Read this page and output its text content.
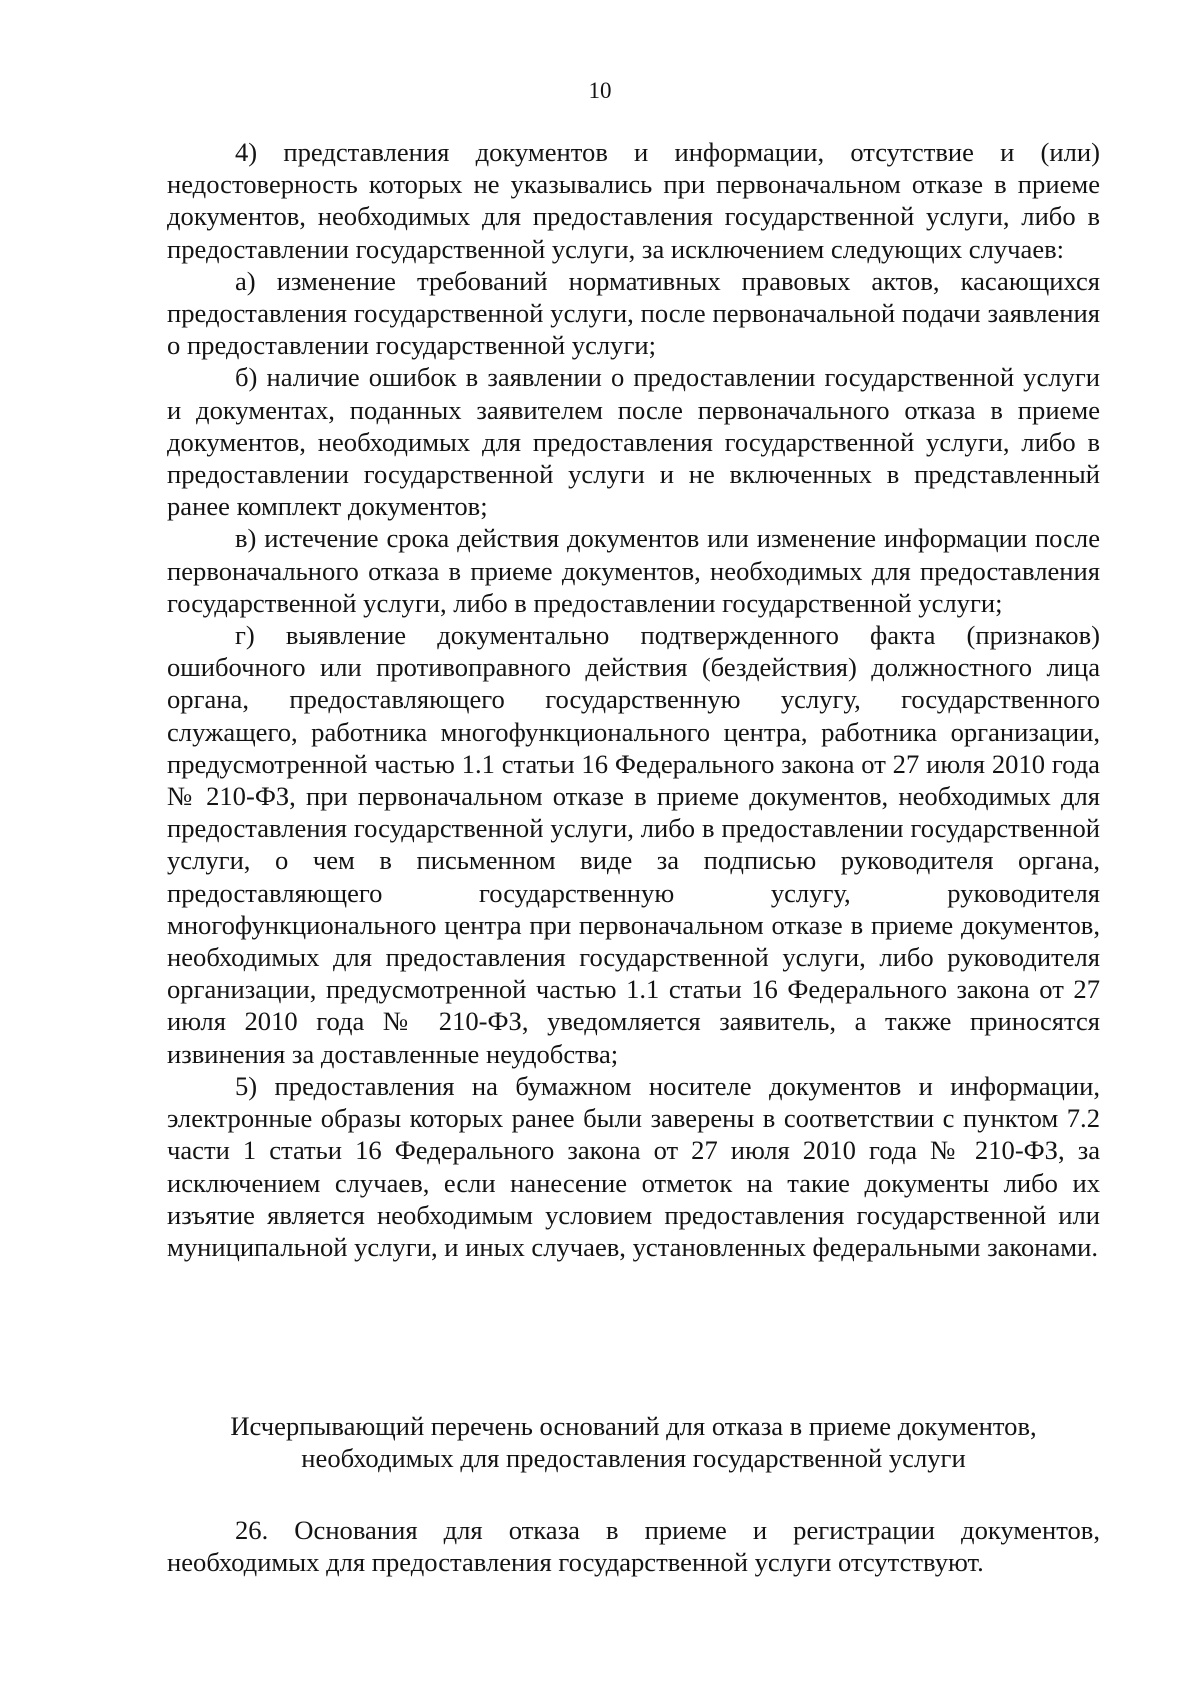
10

4) представления документов и информации, отсутствие и (или) недостоверность которых не указывались при первоначальном отказе в приеме документов, необходимых для предоставления государственной услуги, либо в предоставлении государственной услуги, за исключением следующих случаев:

а) изменение требований нормативных правовых актов, касающихся предоставления государственной услуги, после первоначальной подачи заявления о предоставлении государственной услуги;

б) наличие ошибок в заявлении о предоставлении государственной услуги и документах, поданных заявителем после первоначального отказа в приеме документов, необходимых для предоставления государственной услуги, либо в предоставлении государственной услуги и не включенных в представленный ранее комплект документов;

в) истечение срока действия документов или изменение информации после первоначального отказа в приеме документов, необходимых для предоставления государственной услуги, либо в предоставлении государственной услуги;

г) выявление документально подтвержденного факта (признаков) ошибочного или противоправного действия (бездействия) должностного лица органа, предоставляющего государственную услугу, государственного служащего, работника многофункционального центра, работника организации, предусмотренной частью 1.1 статьи 16 Федерального закона от 27 июля 2010 года № 210-ФЗ, при первоначальном отказе в приеме документов, необходимых для предоставления государственной услуги, либо в предоставлении государственной услуги, о чем в письменном виде за подписью руководителя органа, предоставляющего государственную услугу, руководителя многофункционального центра при первоначальном отказе в приеме документов, необходимых для предоставления государственной услуги, либо руководителя организации, предусмотренной частью 1.1 статьи 16 Федерального закона от 27 июля 2010 года № 210-ФЗ, уведомляется заявитель, а также приносятся извинения за доставленные неудобства;

5) предоставления на бумажном носителе документов и информации, электронные образы которых ранее были заверены в соответствии с пунктом 7.2 части 1 статьи 16 Федерального закона от 27 июля 2010 года № 210-ФЗ, за исключением случаев, если нанесение отметок на такие документы либо их изъятие является необходимым условием предоставления государственной или муниципальной услуги, и иных случаев, установленных федеральными законами.

Исчерпывающий перечень оснований для отказа в приеме документов,
необходимых для предоставления государственной услуги

26. Основания для отказа в приеме и регистрации документов, необходимых для предоставления государственной услуги отсутствуют.
